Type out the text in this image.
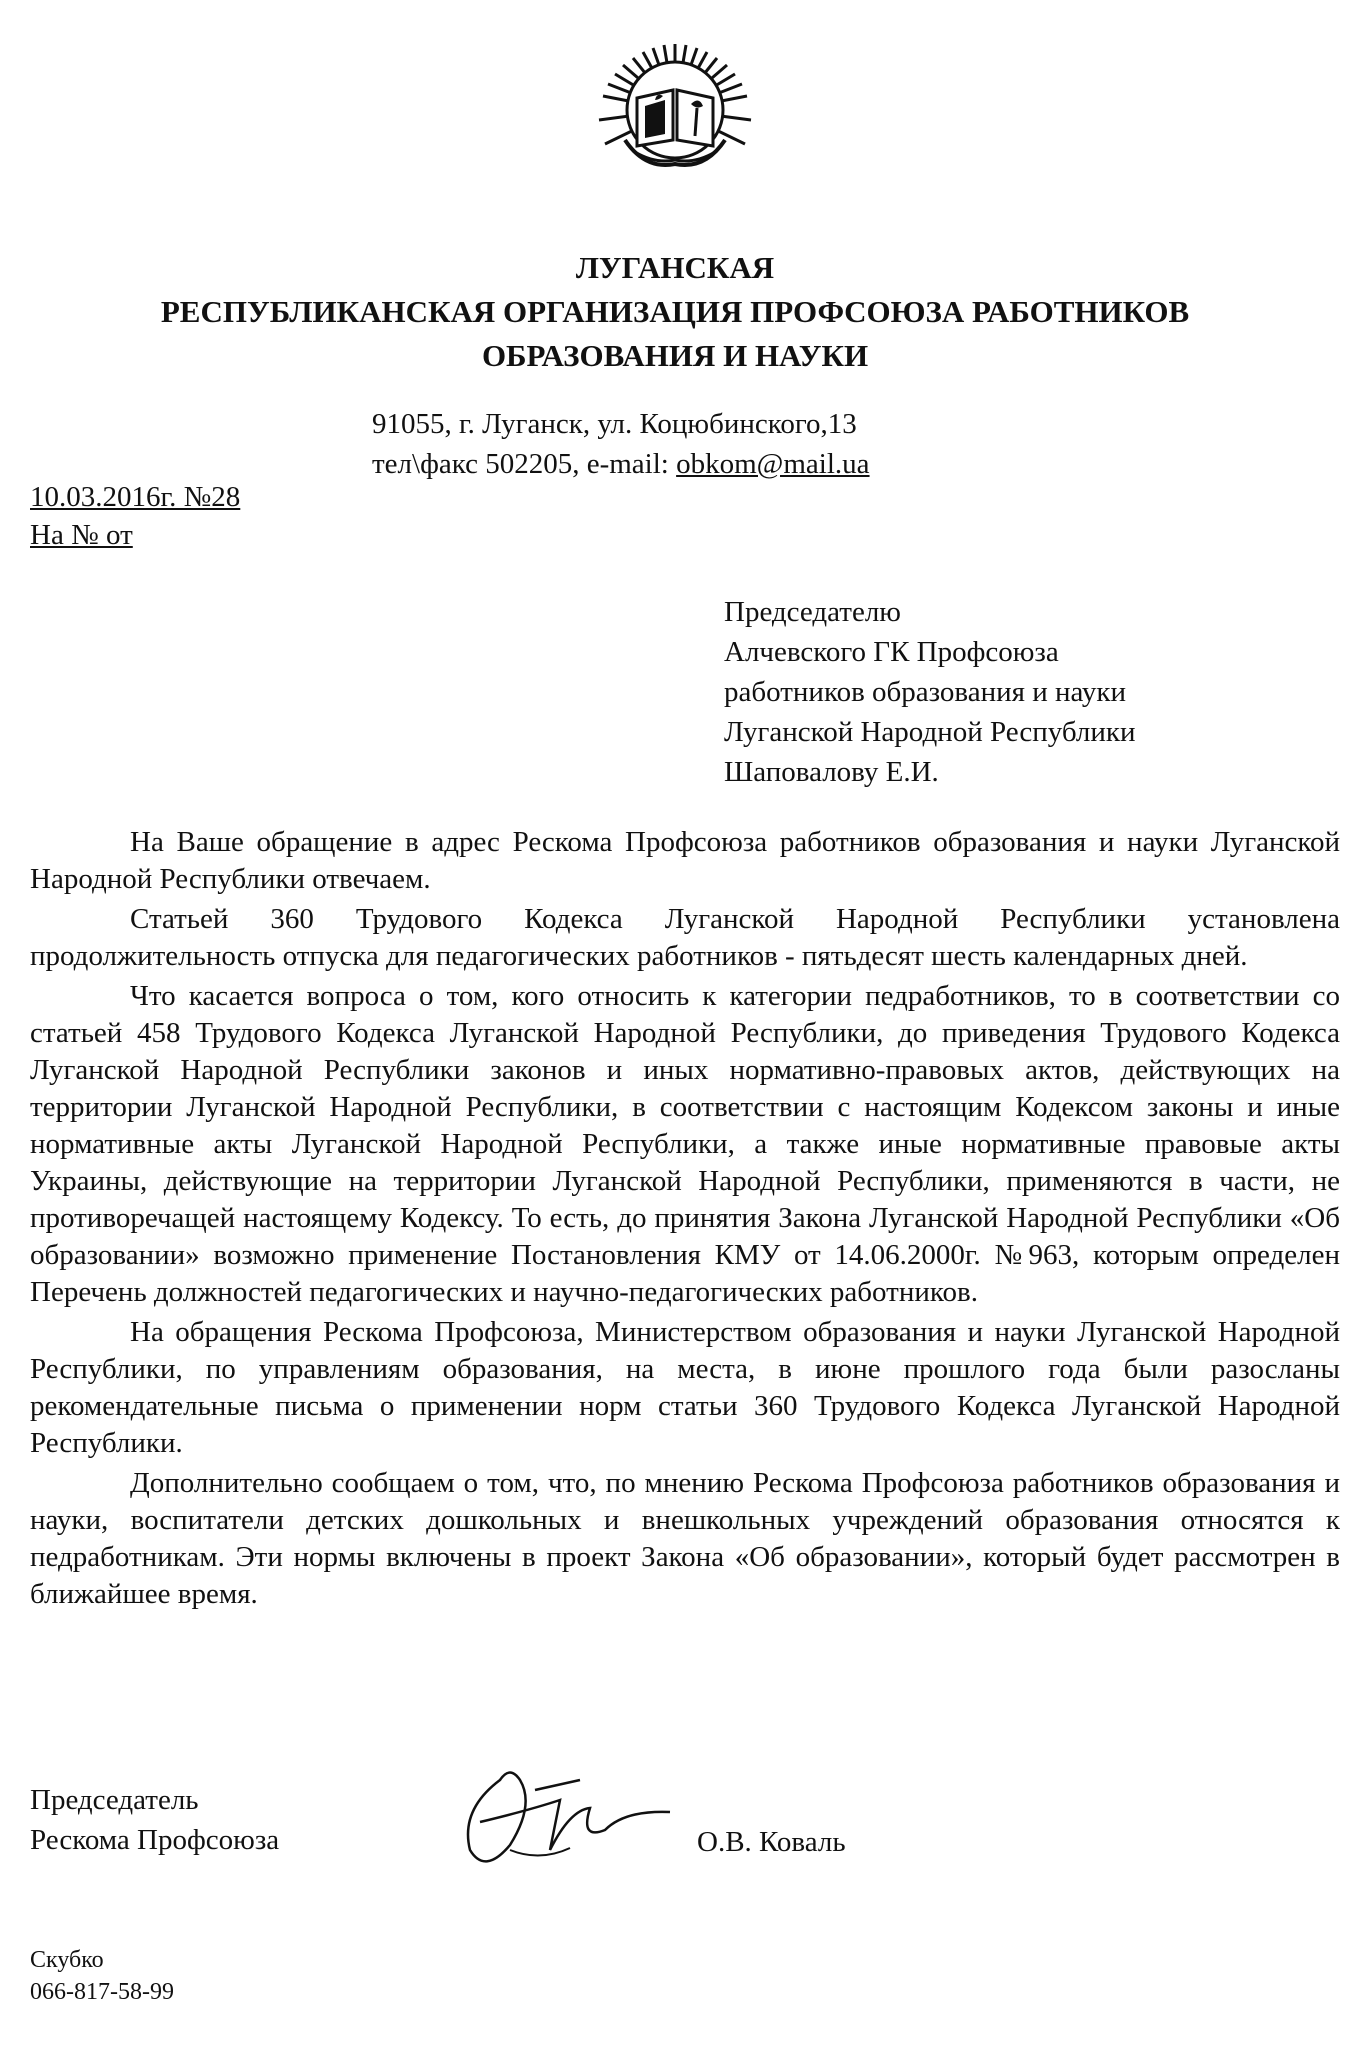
ЛУГАНСКАЯ
РЕСПУБЛИКАНСКАЯ ОРГАНИЗАЦИЯ ПРОФСОЮЗА РАБОТНИКОВ
ОБРАЗОВАНИЯ И НАУКИ
91055, г. Луганск, ул. Коцюбинского,13
тел\факс 502205, e-mail: obkom@mail.ua
10.03.2016г. №28
На № от
Председателю
Алчевского ГК Профсоюза
работников образования и науки
Луганской Народной Республики
Шаповалову Е.И.

На Ваше обращение в адрес Рескома Профсоюза работников образования и науки Луганской Народной Республики отвечаем.

Статьей 360 Трудового Кодекса Луганской Народной Республики установлена продолжительность отпуска для педагогических работников - пятьдесят шесть календарных дней.

Что касается вопроса о том, кого относить к категории педработников, то в соответствии со статьей 458 Трудового Кодекса Луганской Народной Республики, до приведения Трудового Кодекса Луганской Народной Республики законов и иных нормативно-правовых актов, действующих на территории Луганской Народной Республики, в соответствии с настоящим Кодексом законы и иные нормативные акты Луганской Народной Республики, а также иные нормативные правовые акты Украины, действующие на территории Луганской Народной Республики, применяются в части, не противоречащей настоящему Кодексу. То есть, до принятия Закона Луганской Народной Республики «Об образовании» возможно применение Постановления КМУ от 14.06.2000г. №963, которым определен Перечень должностей педагогических и научно-педагогических работников.

На обращения Рескома Профсоюза, Министерством образования и науки Луганской Народной Республики, по управлениям образования, на места, в июне прошлого года были разосланы рекомендательные письма о применении норм статьи 360 Трудового Кодекса Луганской Народной Республики.

Дополнительно сообщаем о том, что, по мнению Рескома Профсоюза работников образования и науки, воспитатели детских дошкольных и внешкольных учреждений образования относятся к педработникам. Эти нормы включены в проект Закона «Об образовании», который будет рассмотрен в ближайшее время.

Председатель
Рескома Профсоюза	О.В. Коваль
Скубко
066-817-58-99
